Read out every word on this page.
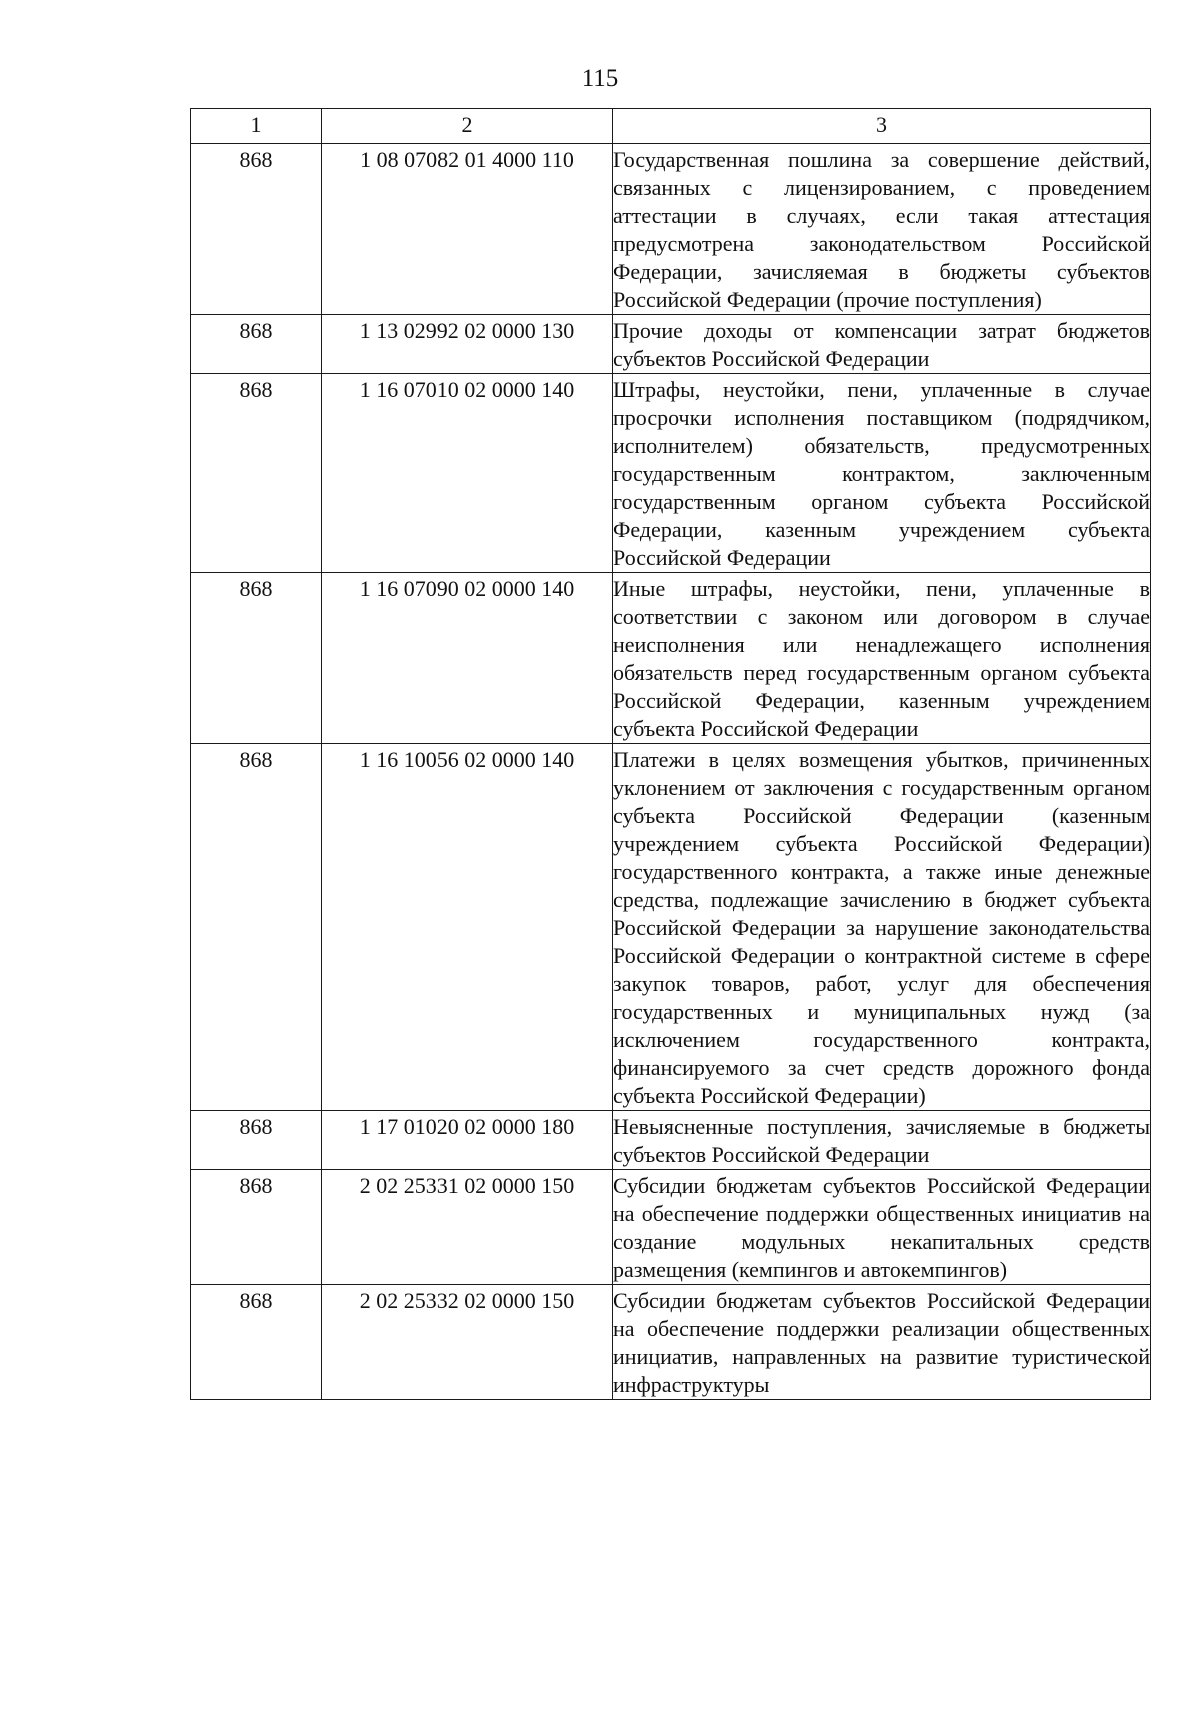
115
1	2	3
868	1 08 07082 01 4000 110	Государственная пошлина за совершение действий, связанных с лицензированием, с проведением аттестации в случаях, если такая аттестация предусмотрена законодательством Российской Федерации, зачисляемая в бюджеты субъектов Российской Федерации (прочие поступления)
868	1 13 02992 02 0000 130	Прочие доходы от компенсации затрат бюджетов субъектов Российской Федерации
868	1 16 07010 02 0000 140	Штрафы, неустойки, пени, уплаченные в случае просрочки исполнения поставщиком (подрядчиком, исполнителем) обязательств, предусмотренных государственным контрактом, заключенным государственным органом субъекта Российской Федерации, казенным учреждением субъекта Российской Федерации
868	1 16 07090 02 0000 140	Иные штрафы, неустойки, пени, уплаченные в соответствии с законом или договором в случае неисполнения или ненадлежащего исполнения обязательств перед государственным органом субъекта Российской Федерации, казенным учреждением субъекта Российской Федерации
868	1 16 10056 02 0000 140	Платежи в целях возмещения убытков, причиненных уклонением от заключения с государственным органом субъекта Российской Федерации (казенным учреждением субъекта Российской Федерации) государственного контракта, а также иные денежные средства, подлежащие зачислению в бюджет субъекта Российской Федерации за нарушение законодательства Российской Федерации о контрактной системе в сфере закупок товаров, работ, услуг для обеспечения государственных и муниципальных нужд (за исключением государственного контракта, финансируемого за счет средств дорожного фонда субъекта Российской Федерации)
868	1 17 01020 02 0000 180	Невыясненные поступления, зачисляемые в бюджеты субъектов Российской Федерации
868	2 02 25331 02 0000 150	Субсидии бюджетам субъектов Российской Федерации на обеспечение поддержки общественных инициатив на создание модульных некапитальных средств размещения (кемпингов и автокемпингов)
868	2 02 25332 02 0000 150	Субсидии бюджетам субъектов Российской Федерации на обеспечение поддержки реализации общественных инициатив, направленных на развитие туристической инфраструктуры
